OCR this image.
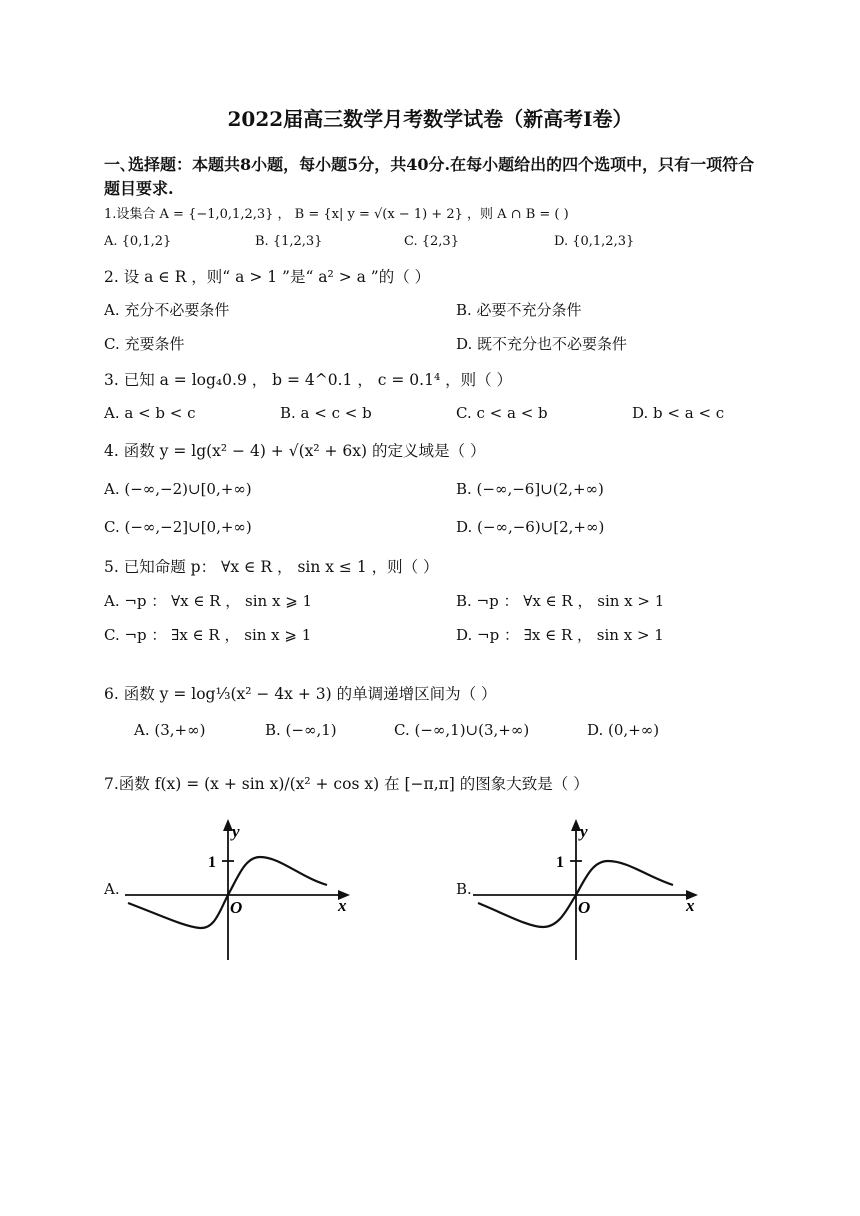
2022届高三数学月考数学试卷（新高考Ⅰ卷）
一､选择题：本题共8小题，每小题5分，共40分.在每小题给出的四个选项中，只有一项符合题目要求.
1.设集合 A = {−1,0,1,2,3} ， B = {x| y = √(x − 1) + 2} ，则 A ∩ B = ( )
A. {0,1,2}	B. {1,2,3}	C. {2,3}	D. {0,1,2,3}
2. 设 a ∈ R ，则“ a > 1 ”是“ a² > a ”的（ ）
A. 充分不必要条件	B. 必要不充分条件
C. 充要条件	D. 既不充分也不必要条件
3. 已知 a = log₄0.9 ， b = 4^0.1 ， c = 0.1⁴ ，则（ ）
A. a < b < c	B. a < c < b	C. c < a < b	D. b < a < c
4. 函数 y = lg(x² − 4) + √(x² + 6x) 的定义域是（ ）
A. (−∞,−2)∪[0,+∞)	B. (−∞,−6]∪(2,+∞)
C. (−∞,−2]∪[0,+∞)	D. (−∞,−6)∪[2,+∞)
5. 已知命题 p： ∀x ∈ R ， sin x ≤ 1 ，则（ ）
A. ¬p ： ∀x ∈ R ， sin x ⩾ 1	B. ¬p ： ∀x ∈ R ， sin x > 1
C. ¬p ： ∃x ∈ R ， sin x ⩾ 1	D. ¬p ： ∃x ∈ R ， sin x > 1
6. 函数 y = log⅓(x² − 4x + 3) 的单调递增区间为（ ）
A. (3,+∞)	B. (−∞,1)	C. (−∞,1)∪(3,+∞)	D. (0,+∞)
7.函数 f(x) = (x + sin x)/(x² + cos x) 在 [−π,π] 的图象大致是（ ）
A.	B.
y
x
O
1
y
x
O
1
